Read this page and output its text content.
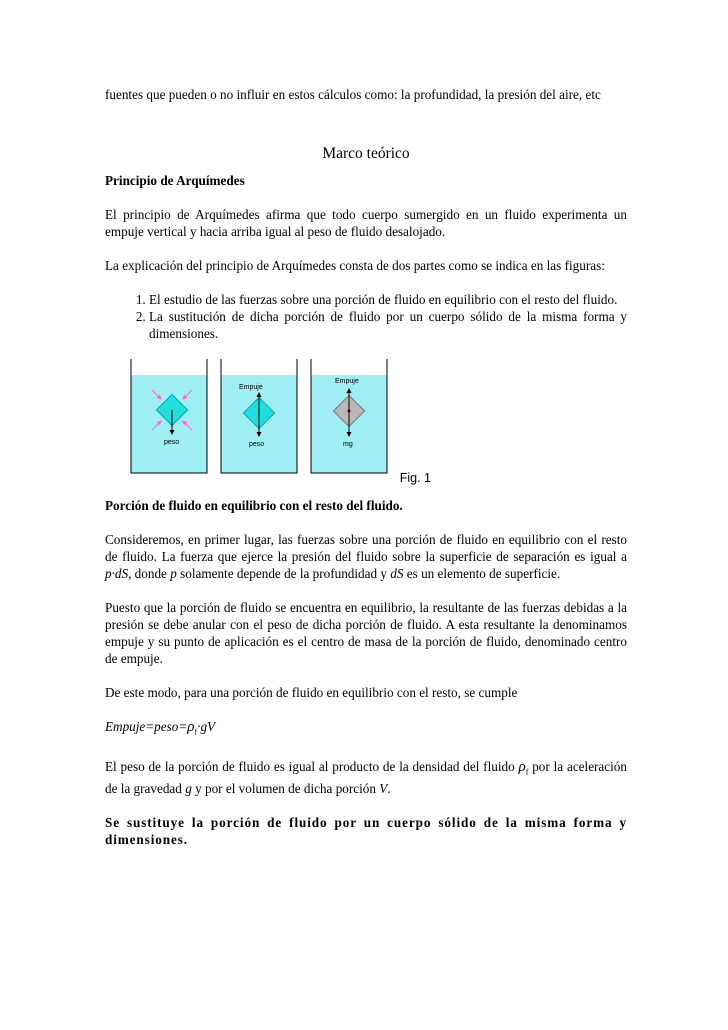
fuentes que pueden o no influir en estos cálculos como: la profundidad, la presión del aire, etc

Marco teórico

Principio de Arquímedes

El principio de Arquímedes afirma que todo cuerpo sumergido en un fluido experimenta un empuje vertical y hacia arriba igual al peso de fluido desalojado.

La explicación del principio de Arquímedes consta de dos partes como se indica en las figuras:

1. El estudio de las fuerzas sobre una porción de fluido en equilibrio con el resto del fluido.
2. La sustitución de dicha porción de fluido por un cuerpo sólido de la misma forma y dimensiones.
peso
Empuje
peso
Empuje
mg
Fig. 1

Porción de fluido en equilibrio con el resto del fluido.

Consideremos, en primer lugar, las fuerzas sobre una porción de fluido en equilibrio con el resto de fluido. La fuerza que ejerce la presión del fluido sobre la superficie de separación es igual a p·dS, donde p solamente depende de la profundidad y dS es un elemento de superficie.

Puesto que la porción de fluido se encuentra en equilibrio, la resultante de las fuerzas debidas a la presión se debe anular con el peso de dicha porción de fluido. A esta resultante la denominamos empuje y su punto de aplicación es el centro de masa de la porción de fluido, denominado centro de empuje.

De este modo, para una porción de fluido en equilibrio con el resto, se cumple

$Empuje=peso=\rho_f\cdot gV$

El peso de la porción de fluido es igual al producto de la densidad del fluido $\rho_f$ por la aceleración de la gravedad g y por el volumen de dicha porción V.

Se sustituye la porción de fluido por un cuerpo sólido de la misma forma y dimensiones.
